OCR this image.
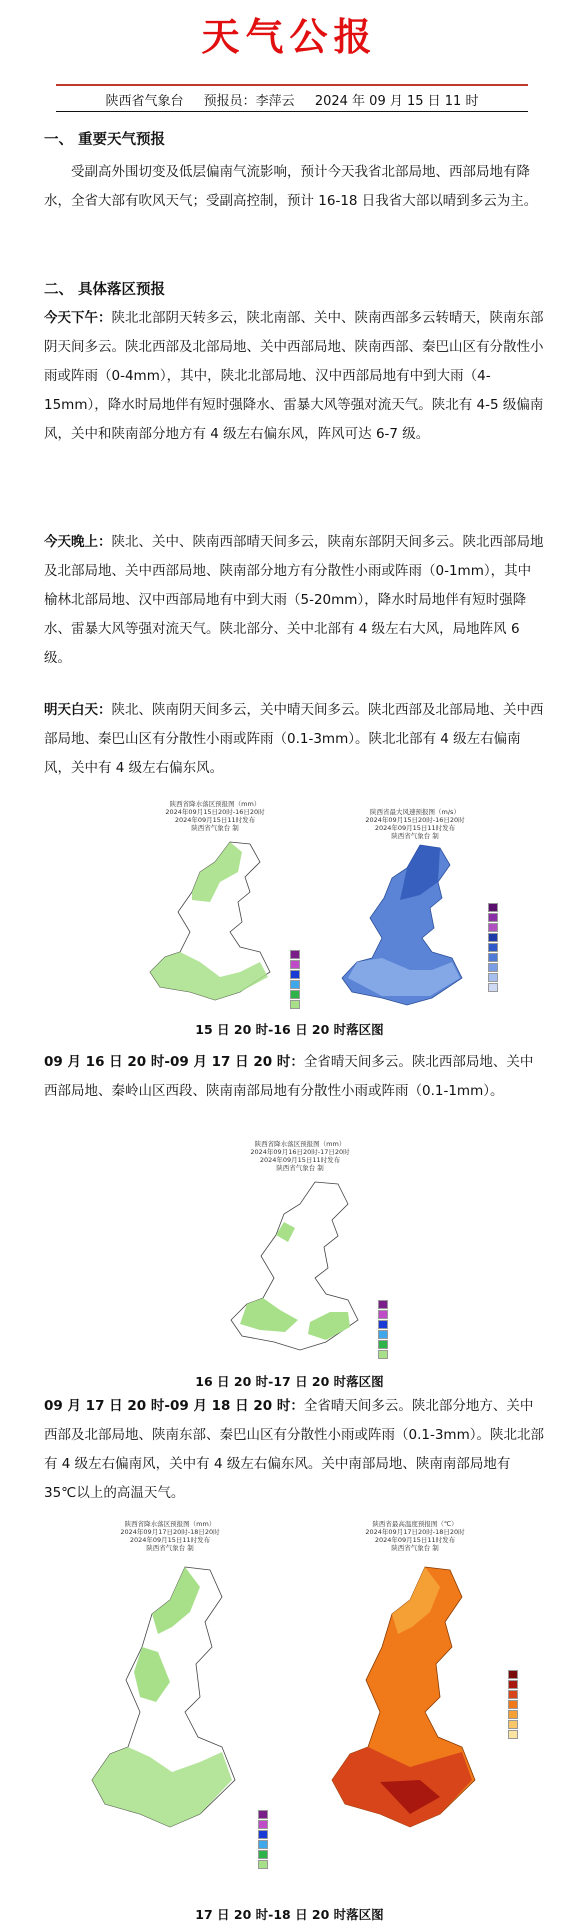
天气公报
陕西省气象台 预报员：李萍云 2024 年 09 月 15 日 11 时
一、 重要天气预报
受副高外围切变及低层偏南气流影响，预计今天我省北部局地、西部局地有降水，全省大部有吹风天气；受副高控制，预计 16-18 日我省大部以晴到多云为主。
二、 具体落区预报
今天下午：陕北北部阴天转多云，陕北南部、关中、陕南西部多云转晴天，陕南东部阴天间多云。陕北西部及北部局地、关中西部局地、陕南西部、秦巴山区有分散性小雨或阵雨（0-4mm），其中，陕北北部局地、汉中西部局地有中到大雨（4-15mm），降水时局地伴有短时强降水、雷暴大风等强对流天气。陕北有 4-5 级偏南风，关中和陕南部分地方有 4 级左右偏东风，阵风可达 6-7 级。
今天晚上：陕北、关中、陕南西部晴天间多云，陕南东部阴天间多云。陕北西部局地及北部局地、关中西部局地、陕南部分地方有分散性小雨或阵雨（0-1mm），其中榆林北部局地、汉中西部局地有中到大雨（5-20mm），降水时局地伴有短时强降水、雷暴大风等强对流天气。陕北部分、关中北部有 4 级左右大风，局地阵风 6 级。
明天白天：陕北、陕南阴天间多云，关中晴天间多云。陕北西部及北部局地、关中西部局地、秦巴山区有分散性小雨或阵雨（0.1-3mm）。陕北北部有 4 级左右偏南风，关中有 4 级左右偏东风。
陕西省降水落区预报图（mm）
2024年09月15日20时-16日20时
2024年09月15日11时发布
陕西省气象台 制
陕西省最大风速预报图（m/s）
2024年09月15日20时-16日20时
2024年09月15日11时发布
陕西省气象台 制
15 日 20 时-16 日 20 时落区图
09 月 16 日 20 时-09 月 17 日 20 时：全省晴天间多云。陕北西部局地、关中西部局地、秦岭山区西段、陕南南部局地有分散性小雨或阵雨（0.1-1mm）。
陕西省降水落区预报图（mm）
2024年09月16日20时-17日20时
2024年09月15日11时发布
陕西省气象台 制
16 日 20 时-17 日 20 时落区图
09 月 17 日 20 时-09 月 18 日 20 时：全省晴天间多云。陕北部分地方、关中西部及北部局地、陕南东部、秦巴山区有分散性小雨或阵雨（0.1-3mm）。陕北北部有 4 级左右偏南风，关中有 4 级左右偏东风。关中南部局地、陕南南部局地有 35℃以上的高温天气。
陕西省降水落区预报图（mm）
2024年09月17日20时-18日20时
2024年09月15日11时发布
陕西省气象台 制
陕西省最高温度预报图（℃）
2024年09月17日20时-18日20时
2024年09月15日11时发布
陕西省气象台 制
17 日 20 时-18 日 20 时落区图
